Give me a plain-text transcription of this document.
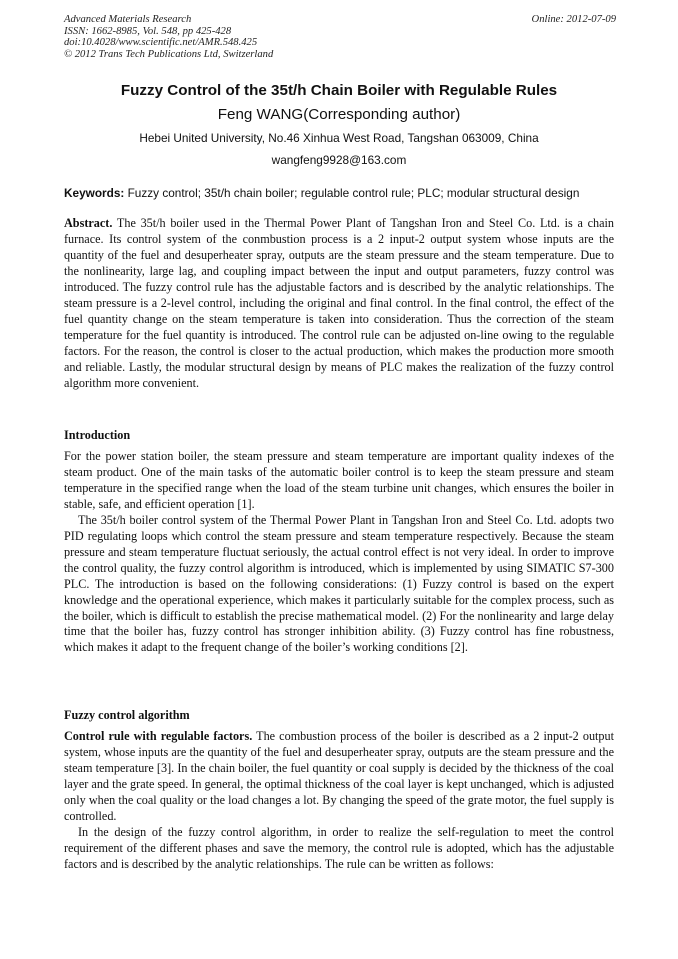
Advanced Materials Research
ISSN: 1662-8985, Vol. 548, pp 425-428
doi:10.4028/www.scientific.net/AMR.548.425
© 2012 Trans Tech Publications Ltd, Switzerland
Online: 2012-07-09
Fuzzy Control of the 35t/h Chain Boiler with Regulable Rules
Feng WANG(Corresponding author)
Hebei United University, No.46 Xinhua West Road, Tangshan 063009, China
wangfeng9928@163.com
Keywords: Fuzzy control; 35t/h chain boiler; regulable control rule; PLC; modular structural design

Abstract. The 35t/h boiler used in the Thermal Power Plant of Tangshan Iron and Steel Co. Ltd. is a chain furnace. Its control system of the conmbustion process is a 2 input-2 output system whose inputs are the quantity of the fuel and desuperheater spray, outputs are the steam pressure and the steam temperature. Due to the nonlinearity, large lag, and coupling impact between the input and output parameters, fuzzy control was introduced. The fuzzy control rule has the adjustable factors and is described by the analytic relationships. The steam pressure is a 2-level control, including the original and final control. In the final control, the effect of the fuel quantity change on the steam temperature is taken into consideration. Thus the correction of the steam temperature for the fuel quantity is introduced. The control rule can be adjusted on-line owing to the regulable factors. For the reason, the control is closer to the actual production, which makes the production more smooth and reliable. Lastly, the modular structural design by means of PLC makes the realization of the fuzzy control algorithm more convenient.

Introduction

For the power station boiler, the steam pressure and steam temperature are important quality indexes of the steam product. One of the main tasks of the automatic boiler control is to keep the steam pressure and steam temperature in the specified range when the load of the steam turbine unit changes, which ensures the boiler in stable, safe, and efficient operation [1].

The 35t/h boiler control system of the Thermal Power Plant in Tangshan Iron and Steel Co. Ltd. adopts two PID regulating loops which control the steam pressure and steam temperature respectively. Because the steam pressure and steam temperature fluctuat seriously, the actual control effect is not very ideal. In order to improve the control quality, the fuzzy control algorithm is introduced, which is implemented by using SIMATIC S7-300 PLC. The introduction is based on the following considerations: (1) Fuzzy control is based on the expert knowledge and the operational experience, which makes it particularly suitable for the complex process, such as the boiler, which is difficult to establish the precise mathematical model. (2) For the nonlinearity and large delay time that the boiler has, fuzzy control has stronger inhibition ability. (3) Fuzzy control has fine robustness, which makes it adapt to the frequent change of the boiler’s working conditions [2].

Fuzzy control algorithm

Control rule with regulable factors. The combustion process of the boiler is described as a 2 input-2 output system, whose inputs are the quantity of the fuel and desuperheater spray, outputs are the steam pressure and the steam temperature [3]. In the chain boiler, the fuel quantity or coal supply is decided by the thickness of the coal layer and the grate speed. In general, the optimal thickness of the coal layer is kept unchanged, which is adjusted only when the coal quality or the load changes a lot. By changing the speed of the grate motor, the fuel supply is controlled.

In the design of the fuzzy control algorithm, in order to realize the self-regulation to meet the control requirement of the different phases and save the memory, the control rule is adopted, which has the adjustable factors and is described by the analytic relationships. The rule can be written as follows:
